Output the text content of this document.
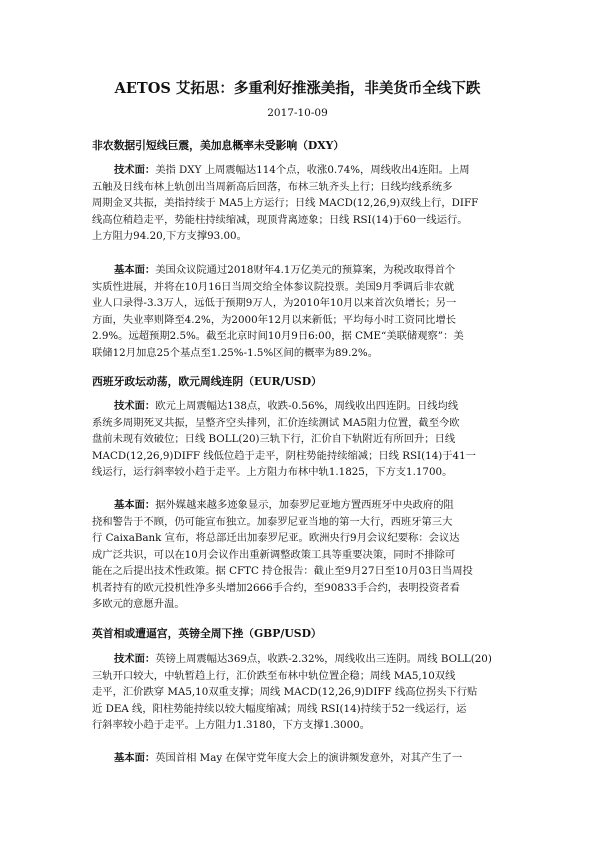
AETOS 艾拓思：多重利好推涨美指，非美货币全线下跌
2017-10-09
非农数据引短线巨震，美加息概率未受影响（DXY）
技术面：美指 DXY 上周震幅达114个点，收涨0.74%，周线收出4连阳。上周
五触及日线布林上轨创出当周新高后回落，布林三轨齐头上行；日线均线系统多
周期金叉共振，美指持续于 MA5上方运行；日线 MACD(12,26,9)双线上行，DIFF
线高位稍趋走平，势能柱持续缩减，现顶背离迹象；日线 RSI(14)于60一线运行。
上方阻力94.20,下方支撑93.00。
基本面：美国众议院通过2018财年4.1万亿美元的预算案，为税改取得首个
实质性进展，并将在10月16日当周交给全体参议院投票。美国9月季调后非农就
业人口录得-3.3万人，远低于预期9万人，为2010年10月以来首次负增长；另一
方面，失业率则降至4.2%，为2000年12月以来新低；平均每小时工资同比增长
2.9%。远超预期2.5%。截至北京时间10月9日6:00，据 CME“美联储观察”：美
联储12月加息25个基点至1.25%-1.5%区间的概率为89.2%。
西班牙政坛动荡，欧元周线连阴（EUR/USD）
技术面：欧元上周震幅达138点，收跌-0.56%，周线收出四连阴。日线均线
系统多周期死叉共振，呈整齐空头排列，汇价连续测试 MA5阻力位置，截至今欧
盘前未现有效破位；日线 BOLL(20)三轨下行，汇价自下轨附近有所回升；日线
MACD(12,26,9)DIFF 线低位趋于走平，阴柱势能持续缩减；日线 RSI(14)于41一
线运行，运行斜率较小趋于走平。上方阻力布林中轨1.1825，下方支1.1700。
基本面：据外媒越来越多迹象显示，加泰罗尼亚地方置西班牙中央政府的阻
挠和警告于不顾，仍可能宣布独立。加泰罗尼亚当地的第一大行，西班牙第三大
行 CaixaBank 宣布，将总部迁出加泰罗尼亚。欧洲央行9月会议纪要称：会议达
成广泛共识，可以在10月会议作出重新调整政策工具等重要决策，同时不排除可
能在之后提出技术性政策。据 CFTC 持仓报告：截止至9月27日至10月03日当周投
机者持有的欧元投机性净多头增加2666手合约，至90833手合约，表明投资者看
多欧元的意愿升温。
英首相或遭逼宫，英镑全周下挫（GBP/USD）
技术面：英镑上周震幅达369点，收跌-2.32%，周线收出三连阴。周线 BOLL(20)
三轨开口较大，中轨暂趋上行，汇价跌至布林中轨位置企稳；周线 MA5,10双线
走平，汇价跌穿 MA5,10双重支撑；周线 MACD(12,26,9)DIFF 线高位拐头下行贴
近 DEA 线，阳柱势能持续以较大幅度缩减；周线 RSI(14)持续于52一线运行，运
行斜率较小趋于走平。上方阻力1.3180，下方支撑1.3000。
基本面：英国首相 May 在保守党年度大会上的演讲频发意外，对其产生了一
